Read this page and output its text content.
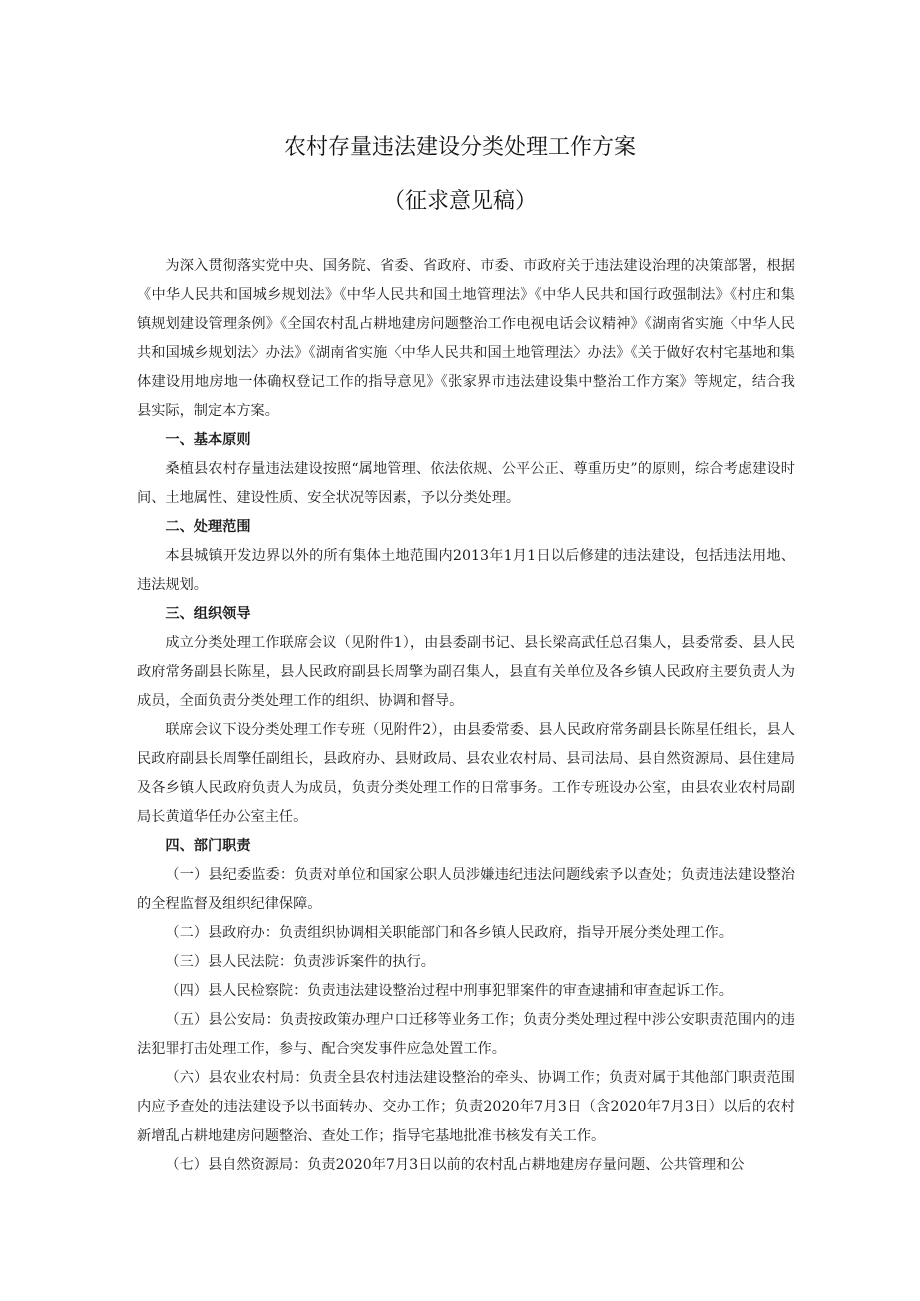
农村存量违法建设分类处理工作方案
（征求意见稿）

为深入贯彻落实党中央、国务院、省委、省政府、市委、市政府关于违法建设治理的决策部署，根据《中华人民共和国城乡规划法》《中华人民共和国土地管理法》《中华人民共和国行政强制法》《村庄和集镇规划建设管理条例》《全国农村乱占耕地建房问题整治工作电视电话会议精神》《湖南省实施〈中华人民共和国城乡规划法〉办法》《湖南省实施〈中华人民共和国土地管理法〉办法》《关于做好农村宅基地和集体建设用地房地一体确权登记工作的指导意见》《张家界市违法建设集中整治工作方案》等规定，结合我县实际，制定本方案。

一、基本原则

桑植县农村存量违法建设按照“属地管理、依法依规、公平公正、尊重历史”的原则，综合考虑建设时间、土地属性、建设性质、安全状况等因素，予以分类处理。

二、处理范围

本县城镇开发边界以外的所有集体土地范围内2013年1月1日以后修建的违法建设，包括违法用地、违法规划。

三、组织领导

成立分类处理工作联席会议（见附件1），由县委副书记、县长梁高武任总召集人，县委常委、县人民政府常务副县长陈星，县人民政府副县长周擎为副召集人，县直有关单位及各乡镇人民政府主要负责人为成员，全面负责分类处理工作的组织、协调和督导。

联席会议下设分类处理工作专班（见附件2），由县委常委、县人民政府常务副县长陈星任组长，县人民政府副县长周擎任副组长，县政府办、县财政局、县农业农村局、县司法局、县自然资源局、县住建局及各乡镇人民政府负责人为成员，负责分类处理工作的日常事务。工作专班设办公室，由县农业农村局副局长黄道华任办公室主任。

四、部门职责

（一）县纪委监委：负责对单位和国家公职人员涉嫌违纪违法问题线索予以查处；负责违法建设整治的全程监督及组织纪律保障。

（二）县政府办：负责组织协调相关职能部门和各乡镇人民政府，指导开展分类处理工作。

（三）县人民法院：负责涉诉案件的执行。

（四）县人民检察院：负责违法建设整治过程中刑事犯罪案件的审查逮捕和审查起诉工作。

（五）县公安局：负责按政策办理户口迁移等业务工作；负责分类处理过程中涉公安职责范围内的违法犯罪打击处理工作，参与、配合突发事件应急处置工作。

（六）县农业农村局：负责全县农村违法建设整治的牵头、协调工作；负责对属于其他部门职责范围内应予查处的违法建设予以书面转办、交办工作；负责2020年7月3日（含2020年7月3日）以后的农村新增乱占耕地建房问题整治、查处工作；指导宅基地批准书核发有关工作。

（七）县自然资源局：负责2020年7月3日以前的农村乱占耕地建房存量问题、公共管理和公
